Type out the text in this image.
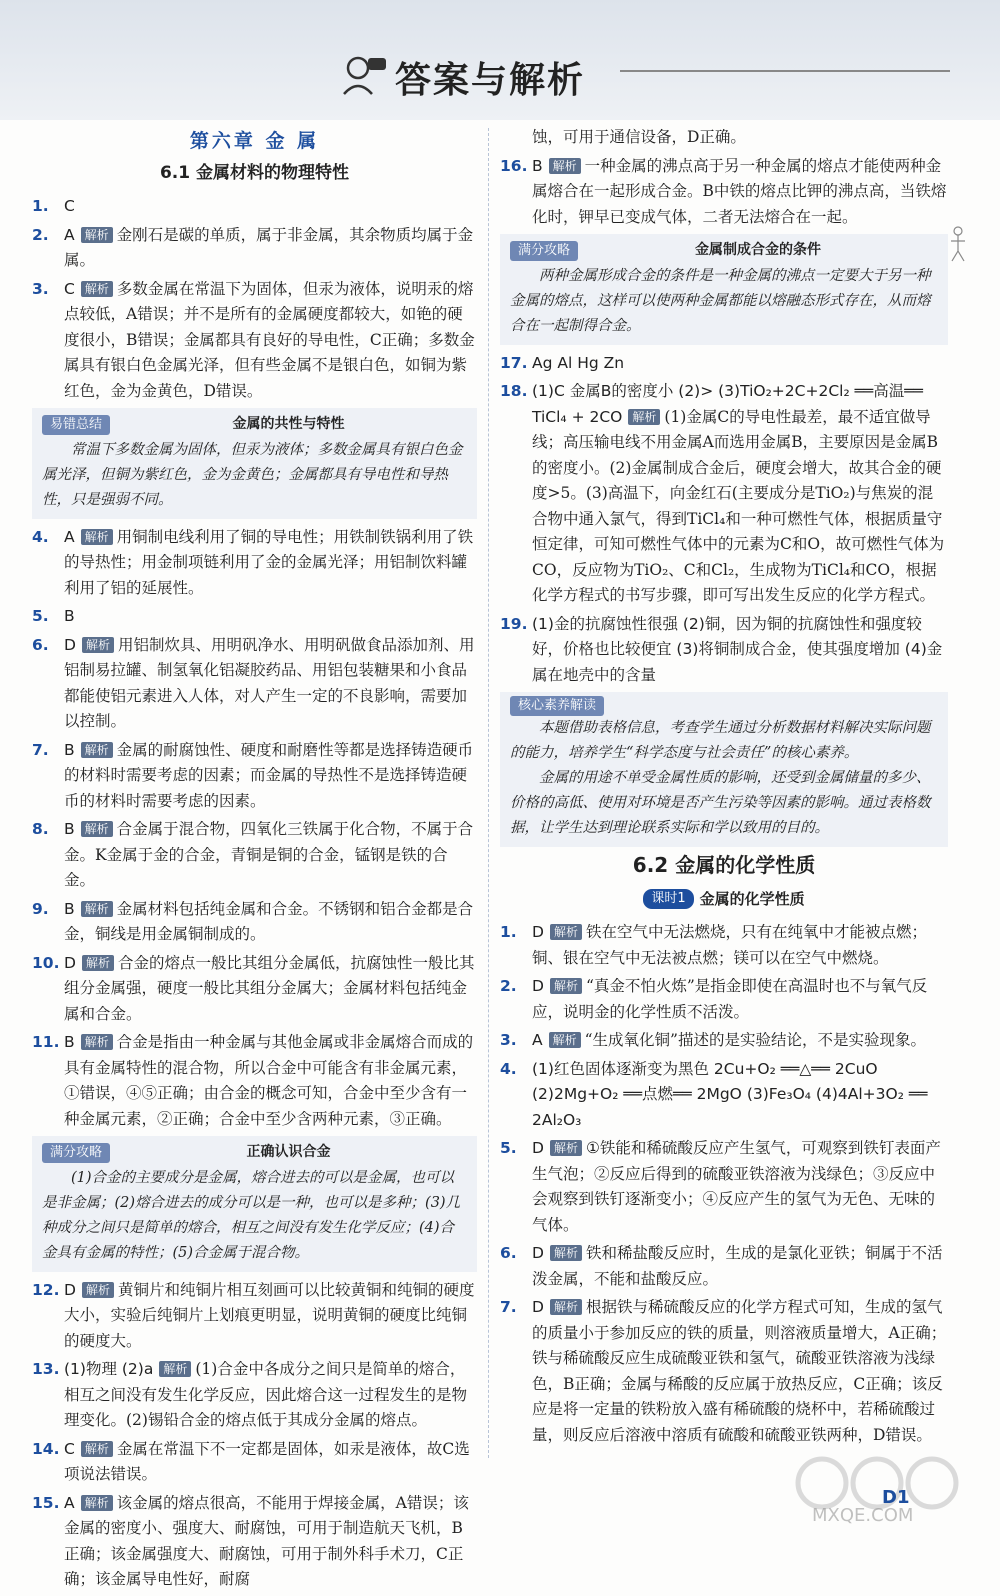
答案与解析
第六章 金 属
6.1 金属材料的物理特性
1. C
2. A 解析 金刚石是碳的单质，属于非金属，其余物质均属于金属。
3. C 解析 多数金属在常温下为固体，但汞为液体，说明汞的熔点较低，A错误；并不是所有的金属硬度都较大，如铯的硬度很小，B错误；金属都具有良好的导电性，C正确；多数金属具有银白色金属光泽，但有些金属不是银白色，如铜为紫红色，金为金黄色，D错误。
易错总结	金属的共性与特性

常温下多数金属为固体，但汞为液体；多数金属具有银白色金属光泽，但铜为紫红色，金为金黄色；金属都具有导电性和导热性，只是强弱不同。

4. A 解析 用铜制电线利用了铜的导电性；用铁制铁锅利用了铁的导热性；用金制项链利用了金的金属光泽；用铝制饮料罐利用了铝的延展性。
5. B
6. D 解析 用铝制炊具、用明矾净水、用明矾做食品添加剂、用铝制易拉罐、制氢氧化铝凝胶药品、用铝包装糖果和小食品都能使铝元素进入人体，对人产生一定的不良影响，需要加以控制。
7. B 解析 金属的耐腐蚀性、硬度和耐磨性等都是选择铸造硬币的材料时需要考虑的因素；而金属的导热性不是选择铸造硬币的材料时需要考虑的因素。
8. B 解析 合金属于混合物，四氧化三铁属于化合物，不属于合金。K金属于金的合金，青铜是铜的合金，锰钢是铁的合金。
9. B 解析 金属材料包括纯金属和合金。不锈钢和铝合金都是合金，铜线是用金属铜制成的。
10. D 解析 合金的熔点一般比其组分金属低，抗腐蚀性一般比其组分金属强，硬度一般比其组分金属大；金属材料包括纯金属和合金。
11. B 解析 合金是指由一种金属与其他金属或非金属熔合而成的具有金属特性的混合物，所以合金中可能含有非金属元素，①错误，④⑤正确；由合金的概念可知，合金中至少含有一种金属元素，②正确；合金中至少含两种元素，③正确。
满分攻略	正确认识合金

(1)合金的主要成分是金属，熔合进去的可以是金属，也可以是非金属；(2)熔合进去的成分可以是一种，也可以是多种；(3)几种成分之间只是简单的熔合，相互之间没有发生化学反应；(4)合金具有金属的特性；(5)合金属于混合物。

12. D 解析 黄铜片和纯铜片相互刻画可以比较黄铜和纯铜的硬度大小，实验后纯铜片上划痕更明显，说明黄铜的硬度比纯铜的硬度大。
13. (1)物理 (2)a 解析 (1)合金中各成分之间只是简单的熔合，相互之间没有发生化学反应，因此熔合这一过程发生的是物理变化。(2)锡铅合金的熔点低于其成分金属的熔点。
14. C 解析 金属在常温下不一定都是固体，如汞是液体，故C选项说法错误。
15. A 解析 该金属的熔点很高，不能用于焊接金属，A错误；该金属的密度小、强度大、耐腐蚀，可用于制造航天飞机，B正确；该金属强度大、耐腐蚀，可用于制外科手术刀，C正确；该金属导电性好，耐腐
蚀，可用于通信设备，D正确。
16. B 解析 一种金属的沸点高于另一种金属的熔点才能使两种金属熔合在一起形成合金。B中铁的熔点比钾的沸点高，当铁熔化时，钾早已变成气体，二者无法熔合在一起。
满分攻略	金属制成合金的条件

两种金属形成合金的条件是一种金属的沸点一定要大于另一种金属的熔点，这样可以使两种金属都能以熔融态形式存在，从而熔合在一起制得合金。

17. Ag Al Hg Zn
18. (1)C 金属B的密度小 (2)> (3)TiO₂+2C+2Cl₂ ══高温══ TiCl₄ + 2CO 解析 (1)金属C的导电性最差，最不适宜做导线；高压输电线不用金属A而选用金属B，主要原因是金属B的密度小。(2)金属制成合金后，硬度会增大，故其合金的硬度>5。(3)高温下，向金红石(主要成分是TiO₂)与焦炭的混合物中通入氯气，得到TiCl₄和一种可燃性气体，根据质量守恒定律，可知可燃性气体中的元素为C和O，故可燃性气体为CO，反应物为TiO₂、C和Cl₂，生成物为TiCl₄和CO，根据化学方程式的书写步骤，即可写出发生反应的化学方程式。
19. (1)金的抗腐蚀性很强 (2)铜，因为铜的抗腐蚀性和强度较好，价格也比较便宜 (3)将铜制成合金，使其强度增加 (4)金属在地壳中的含量
核心素养解读

本题借助表格信息，考查学生通过分析数据材料解决实际问题的能力，培养学生“科学态度与社会责任”的核心素养。

金属的用途不单受金属性质的影响，还受到金属储量的多少、价格的高低、使用对环境是否产生污染等因素的影响。通过表格数据，让学生达到理论联系实际和学以致用的目的。

6.2 金属的化学性质
课时1 金属的化学性质
1. D 解析 铁在空气中无法燃烧，只有在纯氧中才能被点燃；铜、银在空气中无法被点燃；镁可以在空气中燃烧。
2. D 解析 “真金不怕火炼”是指金即使在高温时也不与氧气反应，说明金的化学性质不活泼。
3. A 解析 “生成氧化铜”描述的是实验结论，不是实验现象。
4. (1)红色固体逐渐变为黑色 2Cu+O₂ ══△══ 2CuO (2)2Mg+O₂ ══点燃══ 2MgO (3)Fe₃O₄ (4)4Al+3O₂ ══ 2Al₂O₃
5. D 解析 ①铁能和稀硫酸反应产生氢气，可观察到铁钉表面产生气泡；②反应后得到的硫酸亚铁溶液为浅绿色；③反应中会观察到铁钉逐渐变小；④反应产生的氢气为无色、无味的气体。
6. D 解析 铁和稀盐酸反应时，生成的是氯化亚铁；铜属于不活泼金属，不能和盐酸反应。
7. D 解析 根据铁与稀硫酸反应的化学方程式可知，生成的氢气的质量小于参加反应的铁的质量，则溶液质量增大，A正确；铁与稀硫酸反应生成硫酸亚铁和氢气，硫酸亚铁溶液为浅绿色，B正确；金属与稀酸的反应属于放热反应，C正确；该反应是将一定量的铁粉放入盛有稀硫酸的烧杯中，若稀硫酸过量，则反应后溶液中溶质有硫酸和硫酸亚铁两种，D错误。
MXQE.COM
D1
